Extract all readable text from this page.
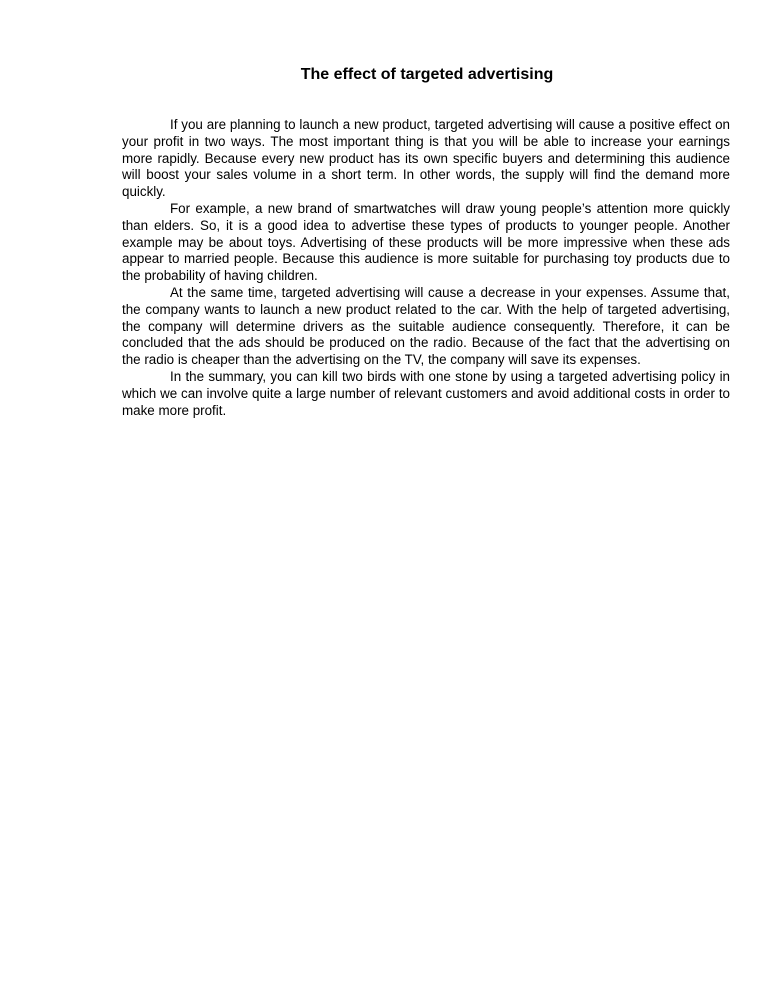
The effect of targeted advertising

If you are planning to launch a new product, targeted advertising will cause a positive effect on your profit in two ways. The most important thing is that you will be able to increase your earnings more rapidly. Because every new product has its own specific buyers and determining this audience will boost your sales volume in a short term. In other words, the supply will find the demand more quickly.

For example, a new brand of smartwatches will draw young people’s attention more quickly than elders. So, it is a good idea to advertise these types of products to younger people. Another example may be about toys. Advertising of these products will be more impressive when these ads appear to married people. Because this audience is more suitable for purchasing toy products due to the probability of having children.

At the same time, targeted advertising will cause a decrease in your expenses. Assume that, the company wants to launch a new product related to the car. With the help of targeted advertising, the company will determine drivers as the suitable audience consequently. Therefore, it can be concluded that the ads should be produced on the radio. Because of the fact that the advertising on the radio is cheaper than the advertising on the TV, the company will save its expenses.

In the summary, you can kill two birds with one stone by using a targeted advertising policy in which we can involve quite a large number of relevant customers and avoid additional costs in order to make more profit.
